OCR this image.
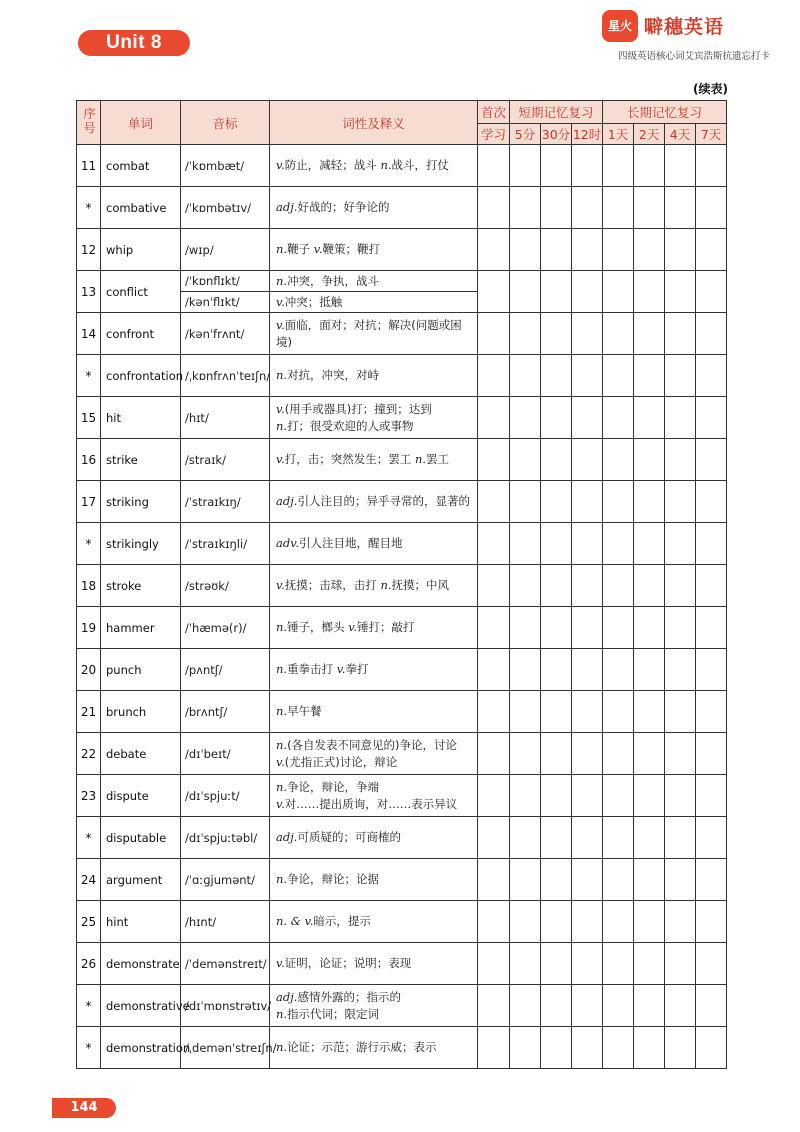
Unit 8
星火 噼穗英语
四级英语核心词艾宾浩斯抗遗忘打卡
(续表)
序号	单词	音标	词性及释义	首次	短期记忆复习			长期记忆复习			
				学习	5分	30分	12时	1天	2天	4天	7天
11	combat	/ˈkɒmbæt/	v.防止，减轻；战斗 n.战斗，打仗								

*	combative	/ˈkɒmbətɪv/	adj.好战的；好争论的								

12	whip	/wɪp/	n.鞭子 v.鞭策；鞭打								

13	conflict	/ˈkɒnflɪkt/	n.冲突，争执，战斗								

		/kənˈflɪkt/	v.冲突；抵触								

14	confront	/kənˈfrʌnt/	v.面临，面对；对抗；解决(问题或困境)								

*	confrontation	/ˌkɒnfrʌnˈteɪʃn/	n.对抗，冲突，对峙								

15	hit	/hɪt/	v.(用手或器具)打；撞到；达到
n.打；很受欢迎的人或事物								

16	strike	/straɪk/	v.打，击；突然发生；罢工 n.罢工								

17	striking	/ˈstraɪkɪŋ/	adj.引人注目的；异乎寻常的，显著的								

*	strikingly	/ˈstraɪkɪŋli/	adv.引人注目地，醒目地								

18	stroke	/strəʊk/	v.抚摸；击球，击打 n.抚摸；中风								

19	hammer	/ˈhæmə(r)/	n.锤子，榔头 v.锤打；敲打								

20	punch	/pʌntʃ/	n.重拳击打 v.拳打								

21	brunch	/brʌntʃ/	n.早午餐								

22	debate	/dɪˈbeɪt/	n.(各自发表不同意见的)争论，讨论
v.(尤指正式)讨论，辩论								

23	dispute	/dɪˈspjuːt/	n.争论，辩论，争端
v.对……提出质询，对……表示异议								

*	disputable	/dɪˈspjuːtəbl/	adj.可质疑的；可商榷的								

24	argument	/ˈɑːɡjumənt/	n.争论，辩论；论据								

25	hint	/hɪnt/	n. & v.暗示，提示								

26	demonstrate	/ˈdemənstreɪt/	v.证明，论证；说明；表现								

*	demonstrative	/dɪˈmɒnstrətɪv/	adj.感情外露的；指示的
n.指示代词；限定词								

*	demonstration	/ˌdemənˈstreɪʃn/	n.论证；示范；游行示威；表示								

144
